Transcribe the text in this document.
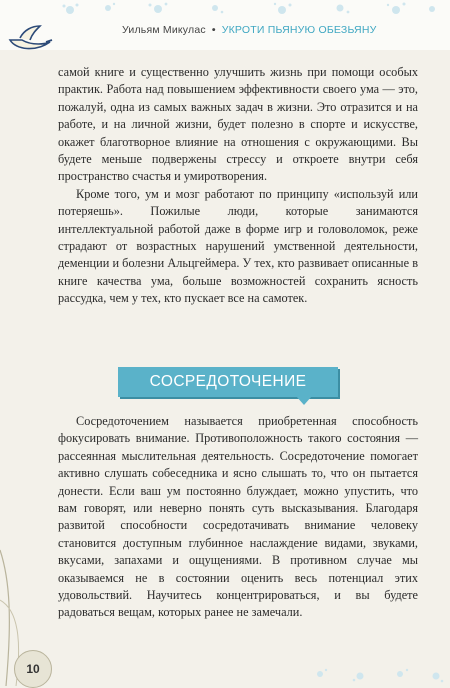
Уильям Микулас • УКРОТИ ПЬЯНУЮ ОБЕЗЬЯНУ

самой книге и существенно улучшить жизнь при помощи особых практик. Работа над повышением эффективности своего ума — это, пожалуй, одна из самых важных задач в жизни. Это отразится и на работе, и на личной жизни, будет полезно в спорте и искусстве, окажет благотворное влияние на отношения с окружающими. Вы будете меньше подвержены стрессу и откроете внутри себя пространство счастья и умиротворения.

Кроме того, ум и мозг работают по принципу «используй или потеряешь». Пожилые люди, которые занимаются интеллектуальной работой даже в форме игр и головоломок, реже страдают от возрастных нарушений умственной деятельности, деменции и болезни Альцгеймера. У тех, кто развивает описанные в книге качества ума, больше возможностей сохранить ясность рассудка, чем у тех, кто пускает все на самотек.

СОСРЕДОТОЧЕНИЕ

Сосредоточением называется приобретенная способность фокусировать внимание. Противоположность такого состояния — рассеянная мыслительная деятельность. Сосредоточение помогает активно слушать собеседника и ясно слышать то, что он пытается донести. Если ваш ум постоянно блуждает, можно упустить, что вам говорят, или неверно понять суть высказывания. Благодаря развитой способности сосредотачивать внимание человеку становится доступным глубинное наслаждение видами, звуками, вкусами, запахами и ощущениями. В противном случае мы оказываемся не в состоянии оценить весь потенциал этих удовольствий. Научитесь концентрироваться, и вы будете радоваться вещам, которых ранее не замечали.

10
